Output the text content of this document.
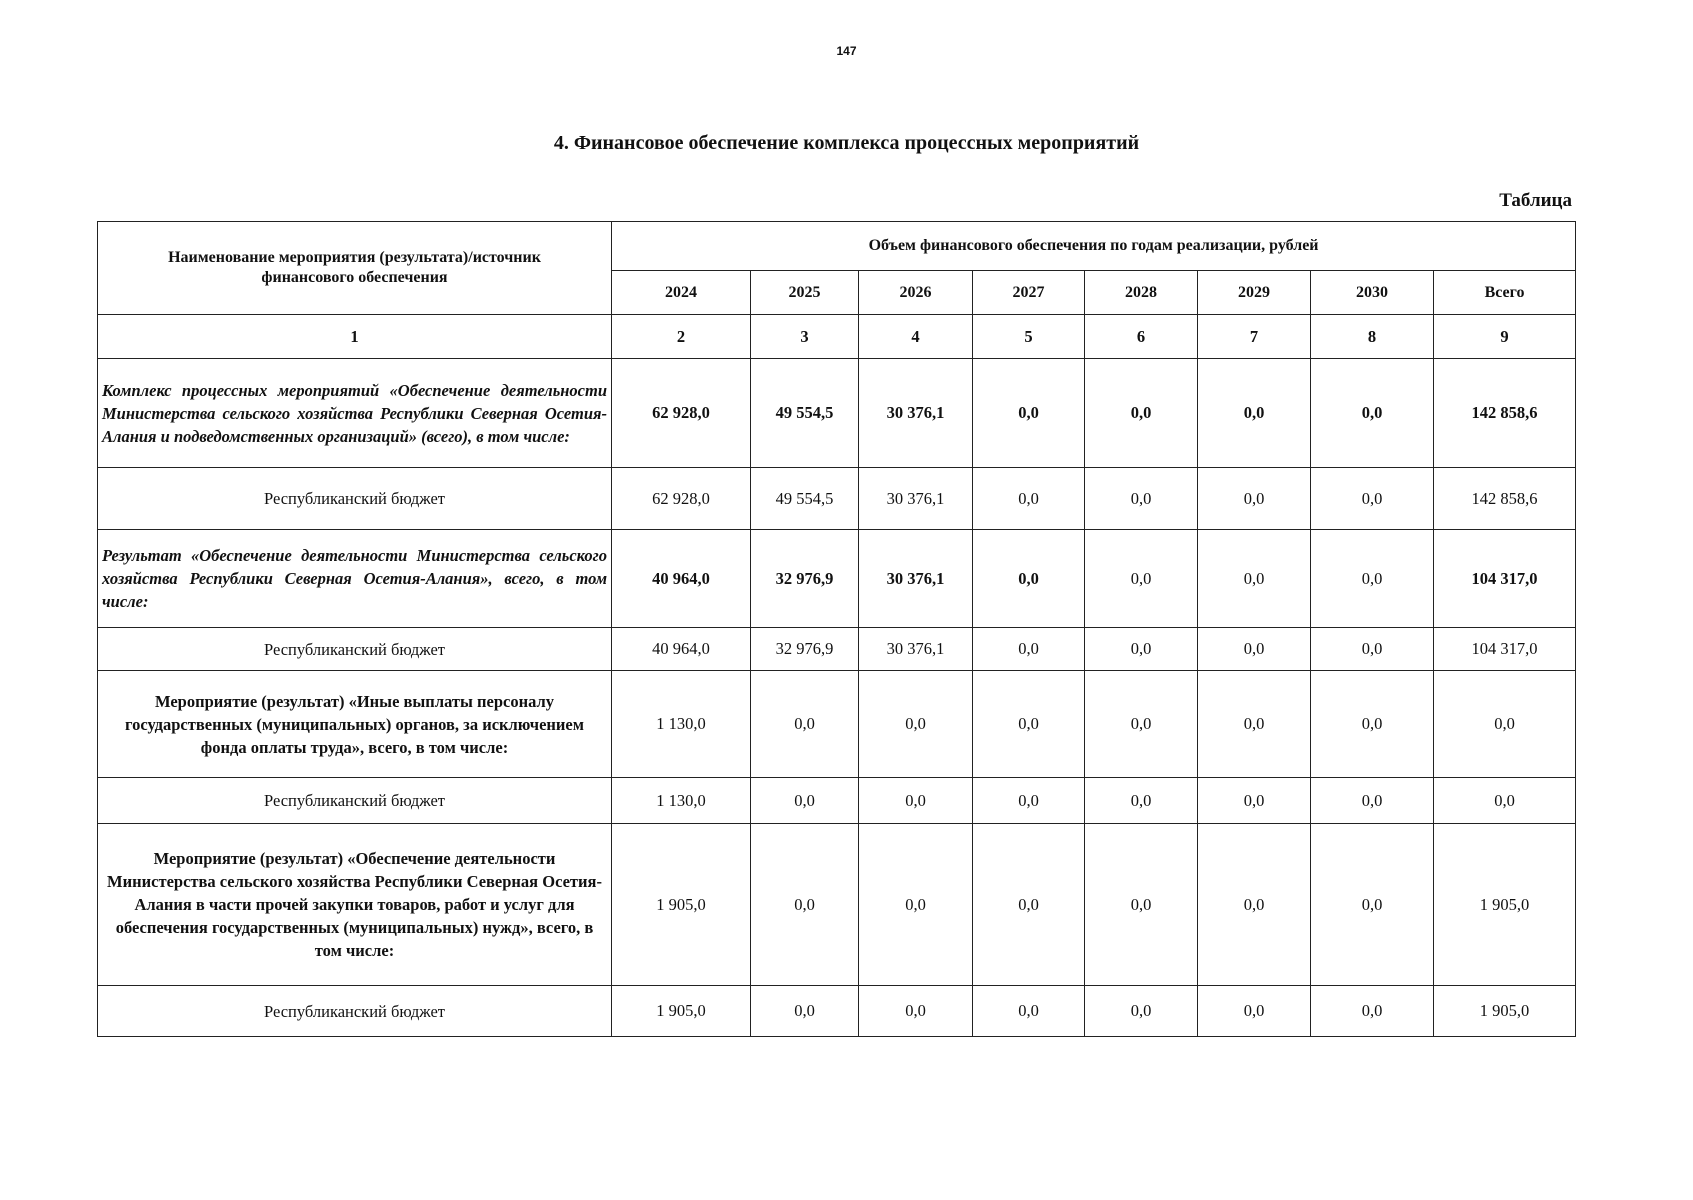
147
4. Финансовое обеспечение комплекса процессных мероприятий
Таблица
Наименование мероприятия (результата)/источник финансового обеспечения	Объем финансового обеспечения по годам реализации, рублей							
	2024	2025	2026	2027	2028	2029	2030	Всего
1	2	3	4	5	6	7	8	9
Комплекс процессных мероприятий «Обеспечение деятельности Министерства сельского хозяйства Республики Северная Осетия-Алания и подведомственных организаций» (всего), в том числе:	62 928,0	49 554,5	30 376,1	0,0	0,0	0,0	0,0	142 858,6
Республиканский бюджет	62 928,0	49 554,5	30 376,1	0,0	0,0	0,0	0,0	142 858,6
Результат «Обеспечение деятельности Министерства сельского хозяйства Республики Северная Осетия-Алания», всего, в том числе:	40 964,0	32 976,9	30 376,1	0,0	0,0	0,0	0,0	104 317,0
Республиканский бюджет	40 964,0	32 976,9	30 376,1	0,0	0,0	0,0	0,0	104 317,0
Мероприятие (результат) «Иные выплаты персоналу государственных (муниципальных) органов, за исключением фонда оплаты труда», всего, в том числе:	1 130,0	0,0	0,0	0,0	0,0	0,0	0,0	0,0
Республиканский бюджет	1 130,0	0,0	0,0	0,0	0,0	0,0	0,0	0,0
Мероприятие (результат) «Обеспечение деятельности Министерства сельского хозяйства Республики Северная Осетия-Алания в части прочей закупки товаров, работ и услуг для обеспечения государственных (муниципальных) нужд», всего, в том числе:	1 905,0	0,0	0,0	0,0	0,0	0,0	0,0	1 905,0
Республиканский бюджет	1 905,0	0,0	0,0	0,0	0,0	0,0	0,0	1 905,0
